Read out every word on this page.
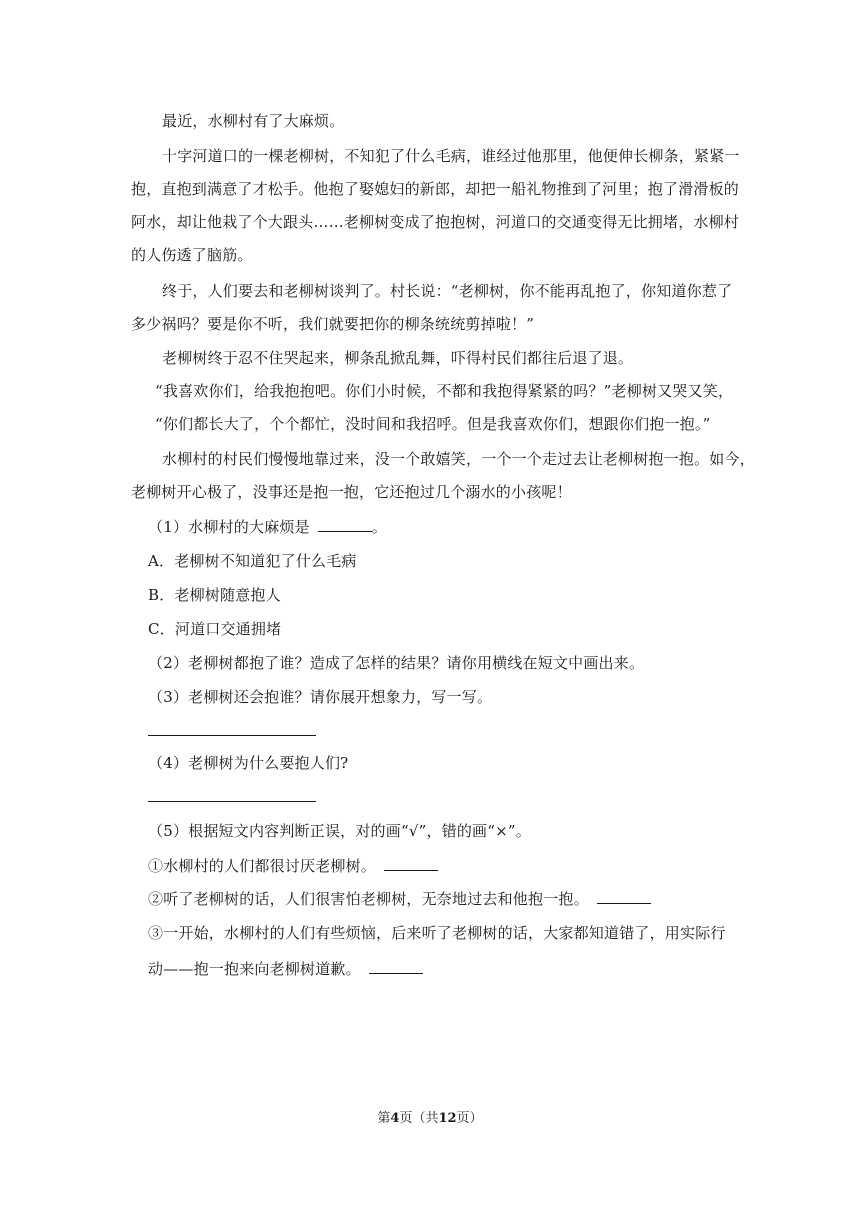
最近，水柳村有了大麻烦。
十字河道口的一棵老柳树，不知犯了什么毛病，谁经过他那里，他便伸长柳条，紧紧一
抱，直抱到满意了才松手。他抱了娶媳妇的新郎，却把一船礼物推到了河里；抱了滑滑板的
阿水，却让他栽了个大跟头……老柳树变成了抱抱树，河道口的交通变得无比拥堵，水柳村
的人伤透了脑筋。
终于，人们要去和老柳树谈判了。村长说：“老柳树，你不能再乱抱了，你知道你惹了
多少祸吗？要是你不听，我们就要把你的柳条统统剪掉啦！”
老柳树终于忍不住哭起来，柳条乱掀乱舞，吓得村民们都往后退了退。
“我喜欢你们，给我抱抱吧。你们小时候，不都和我抱得紧紧的吗？”老柳树又哭又笑，
“你们都长大了，个个都忙，没时间和我招呼。但是我喜欢你们，想跟你们抱一抱。”
水柳村的村民们慢慢地靠过来，没一个敢嬉笑，一个一个走过去让老柳树抱一抱。如今，
老柳树开心极了，没事还是抱一抱，它还抱过几个溺水的小孩呢！
（1）水柳村的大麻烦是	。
A．老柳树不知道犯了什么毛病
B．老柳树随意抱人
C．河道口交通拥堵
（2）老柳树都抱了谁？造成了怎样的结果？请你用横线在短文中画出来。
（3）老柳树还会抱谁？请你展开想象力，写一写。
（4）老柳树为什么要抱人们?
（5）根据短文内容判断正误，对的画“√”，错的画“×”。
①水柳村的人们都很讨厌老柳树。
②听了老柳树的话，人们很害怕老柳树，无奈地过去和他抱一抱。
③一开始，水柳村的人们有些烦恼，后来听了老柳树的话，大家都知道错了，用实际行
动——抱一抱来向老柳树道歉。
第4页（共12页）
